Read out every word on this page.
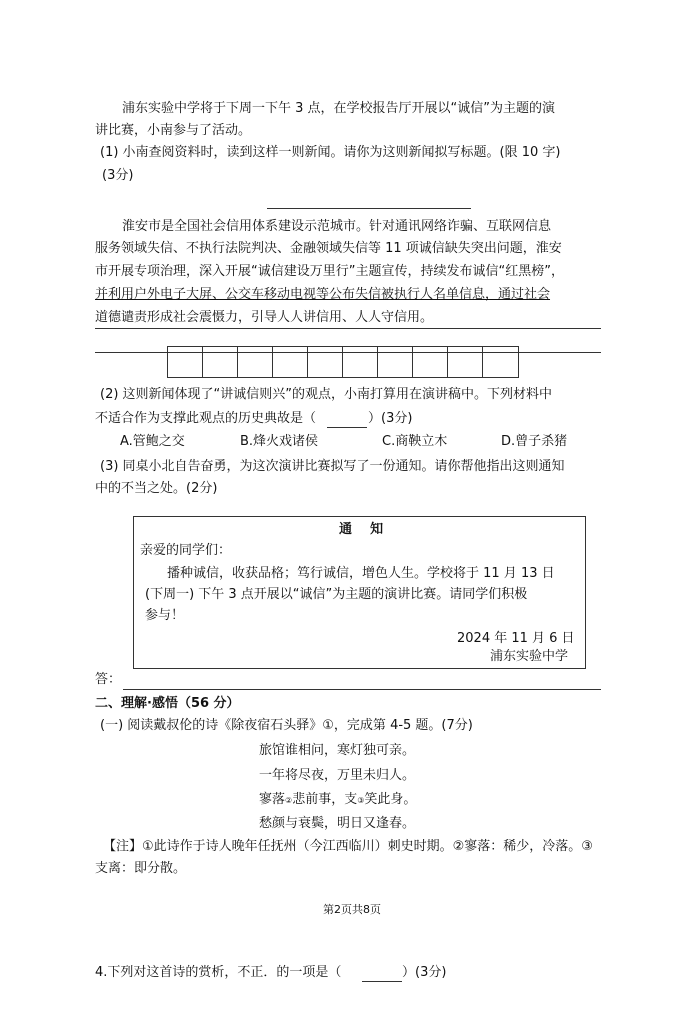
浦东实验中学将于下周一下午 3 点，在学校报告厅开展以“诚信”为主题的演
讲比赛，小南参与了活动。
(1) 小南查阅资料时，读到这样一则新闻。请你为这则新闻拟写标题。(限 10 字)
(3分)
淮安市是全国社会信用体系建设示范城市。针对通讯网络诈骗、互联网信息
服务领域失信、不执行法院判决、金融领域失信等 11 项诚信缺失突出问题，淮安
市开展专项治理，深入开展“诚信建设万里行”主题宣传，持续发布诚信“红黑榜”，
并利用户外电子大屏、公交车移动电视等公布失信被执行人名单信息，通过社会
道德谴责形成社会震慑力，引导人人讲信用、人人守信用。
(2) 这则新闻体现了“讲诚信则兴”的观点，小南打算用在演讲稿中。下列材料中
不适合作为支撑此观点的历史典故是（	）(3分)
A.管鲍之交	B.烽火戏诸侯	C.商鞅立木	D.曾子杀猪
(3) 同桌小北自告奋勇，为这次演讲比赛拟写了一份通知。请你帮他指出这则通知
中的不当之处。(2分)
通    知
亲爱的同学们：
播种诚信，收获品格；笃行诚信，增色人生。学校将于 11 月 13 日
(下周一) 下午 3 点开展以“诚信”为主题的演讲比赛。请同学们积极
参与！
2024 年 11 月 6 日
浦东实验中学
答：
二、理解·感悟（56 分）
(一) 阅读戴叔伦的诗《除夜宿石头驿》①，完成第 4-5 题。(7分)
旅馆谁相问，寒灯独可亲。
一年将尽夜，万里未归人。
寥落②悲前事，支③笑此身。
愁颜与衰鬓，明日又逢春。
【注】①此诗作于诗人晚年任抚州（今江西临川）刺史时期。②寥落：稀少，冷落。③
支离：即分散。
第2页共8页
4.下列对这首诗的赏析，不正．的一项是（	）(3分)
